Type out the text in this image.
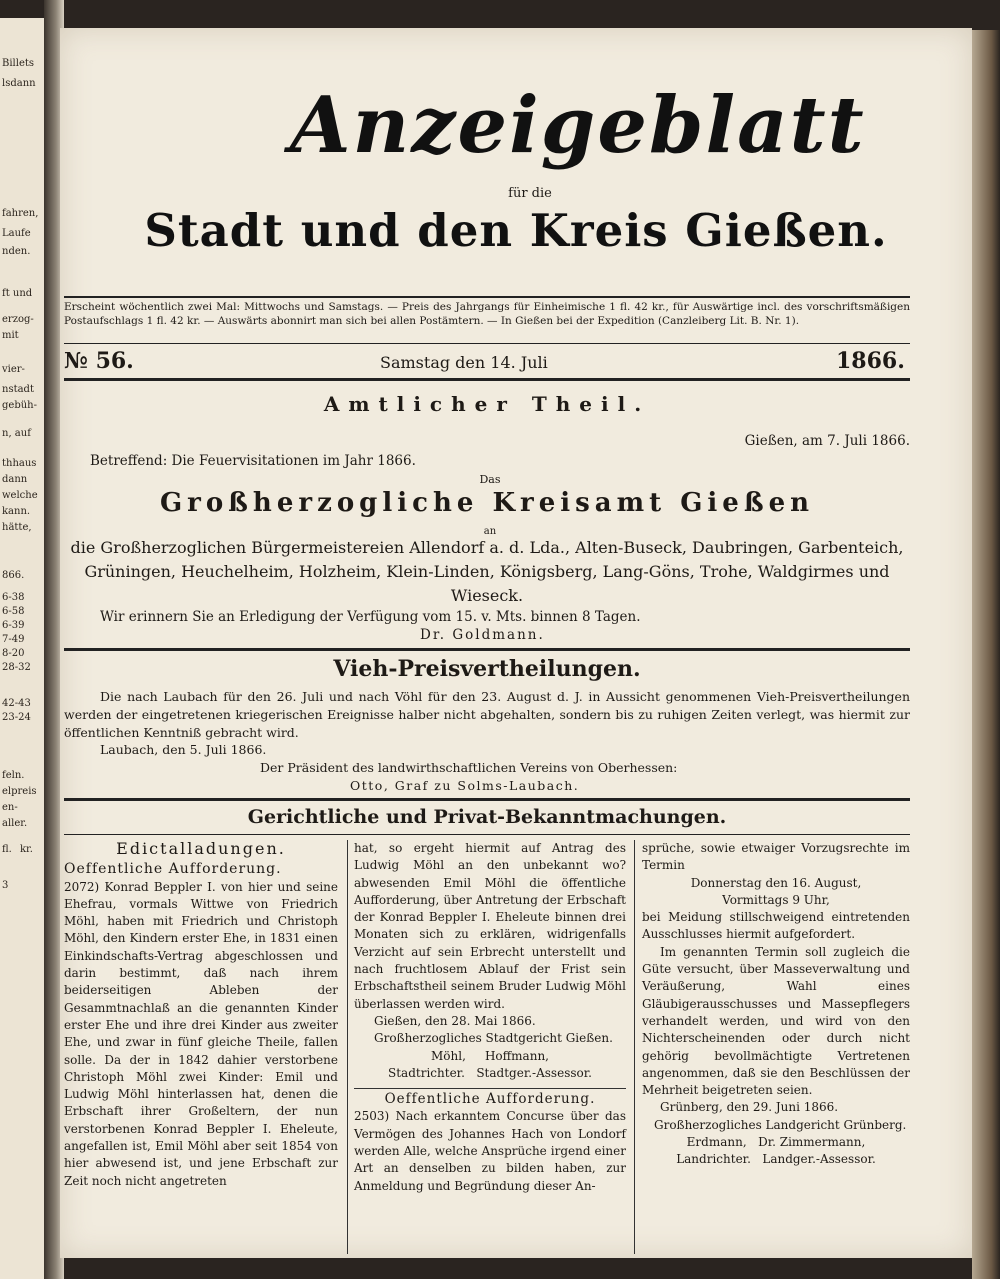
Billets
lsdann
fahren,
Laufe
nden.
ft und
erzog-
mit
vier-
nstadt
gebüh-
n, auf
thhaus
dann
welche
kann.
hätte,
866.
6-38
6-58
6-39
7-49
8-20
28-32
42-43
23-24
feln.
elpreis
en-
aller.
fl. kr.
3
Anzeigeblatt
für die
Stadt und den Kreis Gießen.
Erscheint wöchentlich zwei Mal: Mittwochs und Samstags. — Preis des Jahrgangs für Einheimische 1 fl. 42 kr., für Auswärtige incl. des vorschriftsmäßigen Postaufschlags 1 fl. 42 kr. — Auswärts abonnirt man sich bei allen Postämtern. — In Gießen bei der Expedition (Canzleiberg Lit. B. Nr. 1).
№ 56.	Samstag den 14. Juli	1866.
Amtlicher Theil.
Gießen, am 7. Juli 1866.
Betreffend: Die Feuervisitationen im Jahr 1866.
Das
Großherzogliche Kreisamt Gießen
an
die Großherzoglichen Bürgermeistereien Allendorf a. d. Lda., Alten-Buseck, Daubringen, Garbenteich, Grüningen, Heuchelheim, Holzheim, Klein-Linden, Königsberg, Lang-Göns, Trohe, Waldgirmes und Wieseck.
Wir erinnern Sie an Erledigung der Verfügung vom 15. v. Mts. binnen 8 Tagen.
Dr. Goldmann.
Vieh-Preisvertheilungen.
Die nach Laubach für den 26. Juli und nach Vöhl für den 23. August d. J. in Aussicht genommenen Vieh-Preisvertheilungen werden der eingetretenen kriegerischen Ereignisse halber nicht abgehalten, sondern bis zu ruhigen Zeiten verlegt, was hiermit zur öffentlichen Kenntniß gebracht wird.
Laubach, den 5. Juli 1866.
Der Präsident des landwirthschaftlichen Vereins von Oberhessen:
Otto, Graf zu Solms-Laubach.
Gerichtliche und Privat-Bekanntmachungen.

Edictalladungen.

Oeffentliche Aufforderung.

2072) Konrad Beppler I. von hier und seine Ehefrau, vormals Wittwe von Friedrich Möhl, haben mit Friedrich und Christoph Möhl, den Kindern erster Ehe, in 1831 einen Einkindschafts-Vertrag abgeschlossen und darin bestimmt, daß nach ihrem beiderseitigen Ableben der Gesammtnachlaß an die genannten Kinder erster Ehe und ihre drei Kinder aus zweiter Ehe, und zwar in fünf gleiche Theile, fallen solle. Da der in 1842 dahier verstorbene Christoph Möhl zwei Kinder: Emil und Ludwig Möhl hinterlassen hat, denen die Erbschaft ihrer Großeltern, der nun verstorbenen Konrad Beppler I. Eheleute, angefallen ist, Emil Möhl aber seit 1854 von hier abwesend ist, und jene Erbschaft zur Zeit noch nicht angetreten

hat, so ergeht hiermit auf Antrag des Ludwig Möhl an den unbekannt wo? abwesenden Emil Möhl die öffentliche Aufforderung, über Antretung der Erbschaft der Konrad Beppler I. Eheleute binnen drei Monaten sich zu erklären, widrigenfalls Verzicht auf sein Erbrecht unterstellt und nach fruchtlosem Ablauf der Frist sein Erbschaftstheil seinem Bruder Ludwig Möhl überlassen werden wird.

Gießen, den 28. Mai 1866.

Großherzogliches Stadtgericht Gießen.

Möhl,     Hoffmann,

Stadtrichter.   Stadtger.-Assessor.

Oeffentliche Aufforderung.

2503) Nach erkanntem Concurse über das Vermögen des Johannes Hach von Londorf werden Alle, welche Ansprüche irgend einer Art an denselben zu bilden haben, zur Anmeldung und Begründung dieser An-

sprüche, sowie etwaiger Vorzugsrechte im Termin

Donnerstag den 16. August,

Vormittags 9 Uhr,

bei Meidung stillschweigend eintretenden Ausschlusses hiermit aufgefordert.

Im genannten Termin soll zugleich die Güte versucht, über Masseverwaltung und Veräußerung, Wahl eines Gläubigerausschusses und Massepflegers verhandelt werden, und wird von den Nichterscheinenden oder durch nicht gehörig bevollmächtigte Vertretenen angenommen, daß sie den Beschlüssen der Mehrheit beigetreten seien.

Grünberg, den 29. Juni 1866.

Großherzogliches Landgericht Grünberg.

Erdmann,   Dr. Zimmermann,

Landrichter.   Landger.-Assessor.
